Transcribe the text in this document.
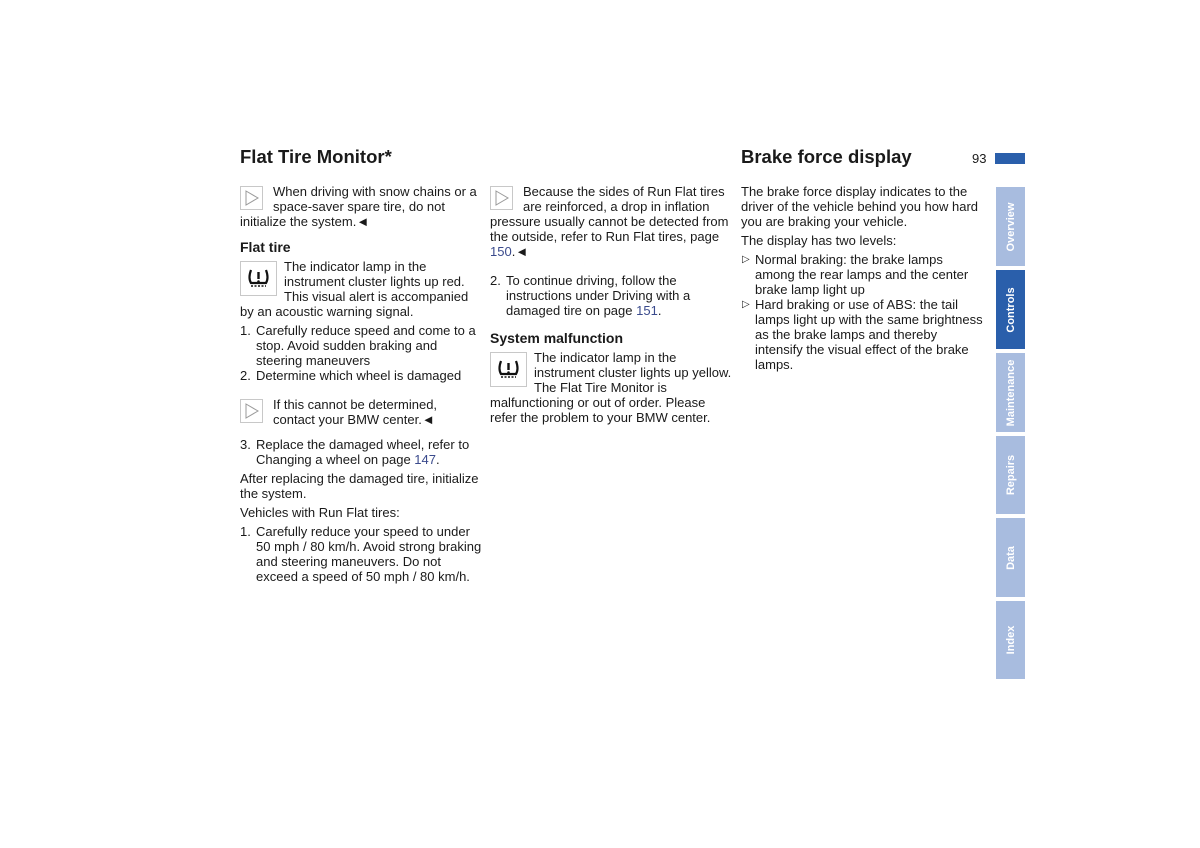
Flat Tire Monitor*	Brake force display	93
When driving with snow chains or a space-saver spare tire, do not initialize the system.◄
Flat tire
The indicator lamp in the instrument cluster lights up red. This visual alert is accompanied by an acoustic warning signal.
1. Carefully reduce speed and come to a stop. Avoid sudden braking and steering maneuvers
2. Determine which wheel is damaged
If this cannot be determined, contact your BMW center.◄
3. Replace the damaged wheel, refer to Changing a wheel on page 147.

After replacing the damaged tire, initialize the system.

Vehicles with Run Flat tires:

1. Carefully reduce your speed to under 50 mph / 80 km/h. Avoid strong braking and steering maneuvers. Do not exceed a speed of 50 mph / 80 km/h.
Because the sides of Run Flat tires are reinforced, a drop in inflation pressure usually cannot be detected from the outside, refer to Run Flat tires, page 150.◄
2. To continue driving, follow the instructions under Driving with a damaged tire on page 151.
System malfunction
The indicator lamp in the instrument cluster lights up yellow. The Flat Tire Monitor is malfunctioning or out of order. Please refer the problem to your BMW center.

The brake force display indicates to the driver of the vehicle behind you how hard you are braking your vehicle.

The display has two levels:

▷ Normal braking: the brake lamps among the rear lamps and the center brake lamp light up
▷ Hard braking or use of ABS: the tail lamps light up with the same brightness as the brake lamps and thereby intensify the visual effect of the brake lamps.
Overview
Controls
Maintenance
Repairs
Data
Index
